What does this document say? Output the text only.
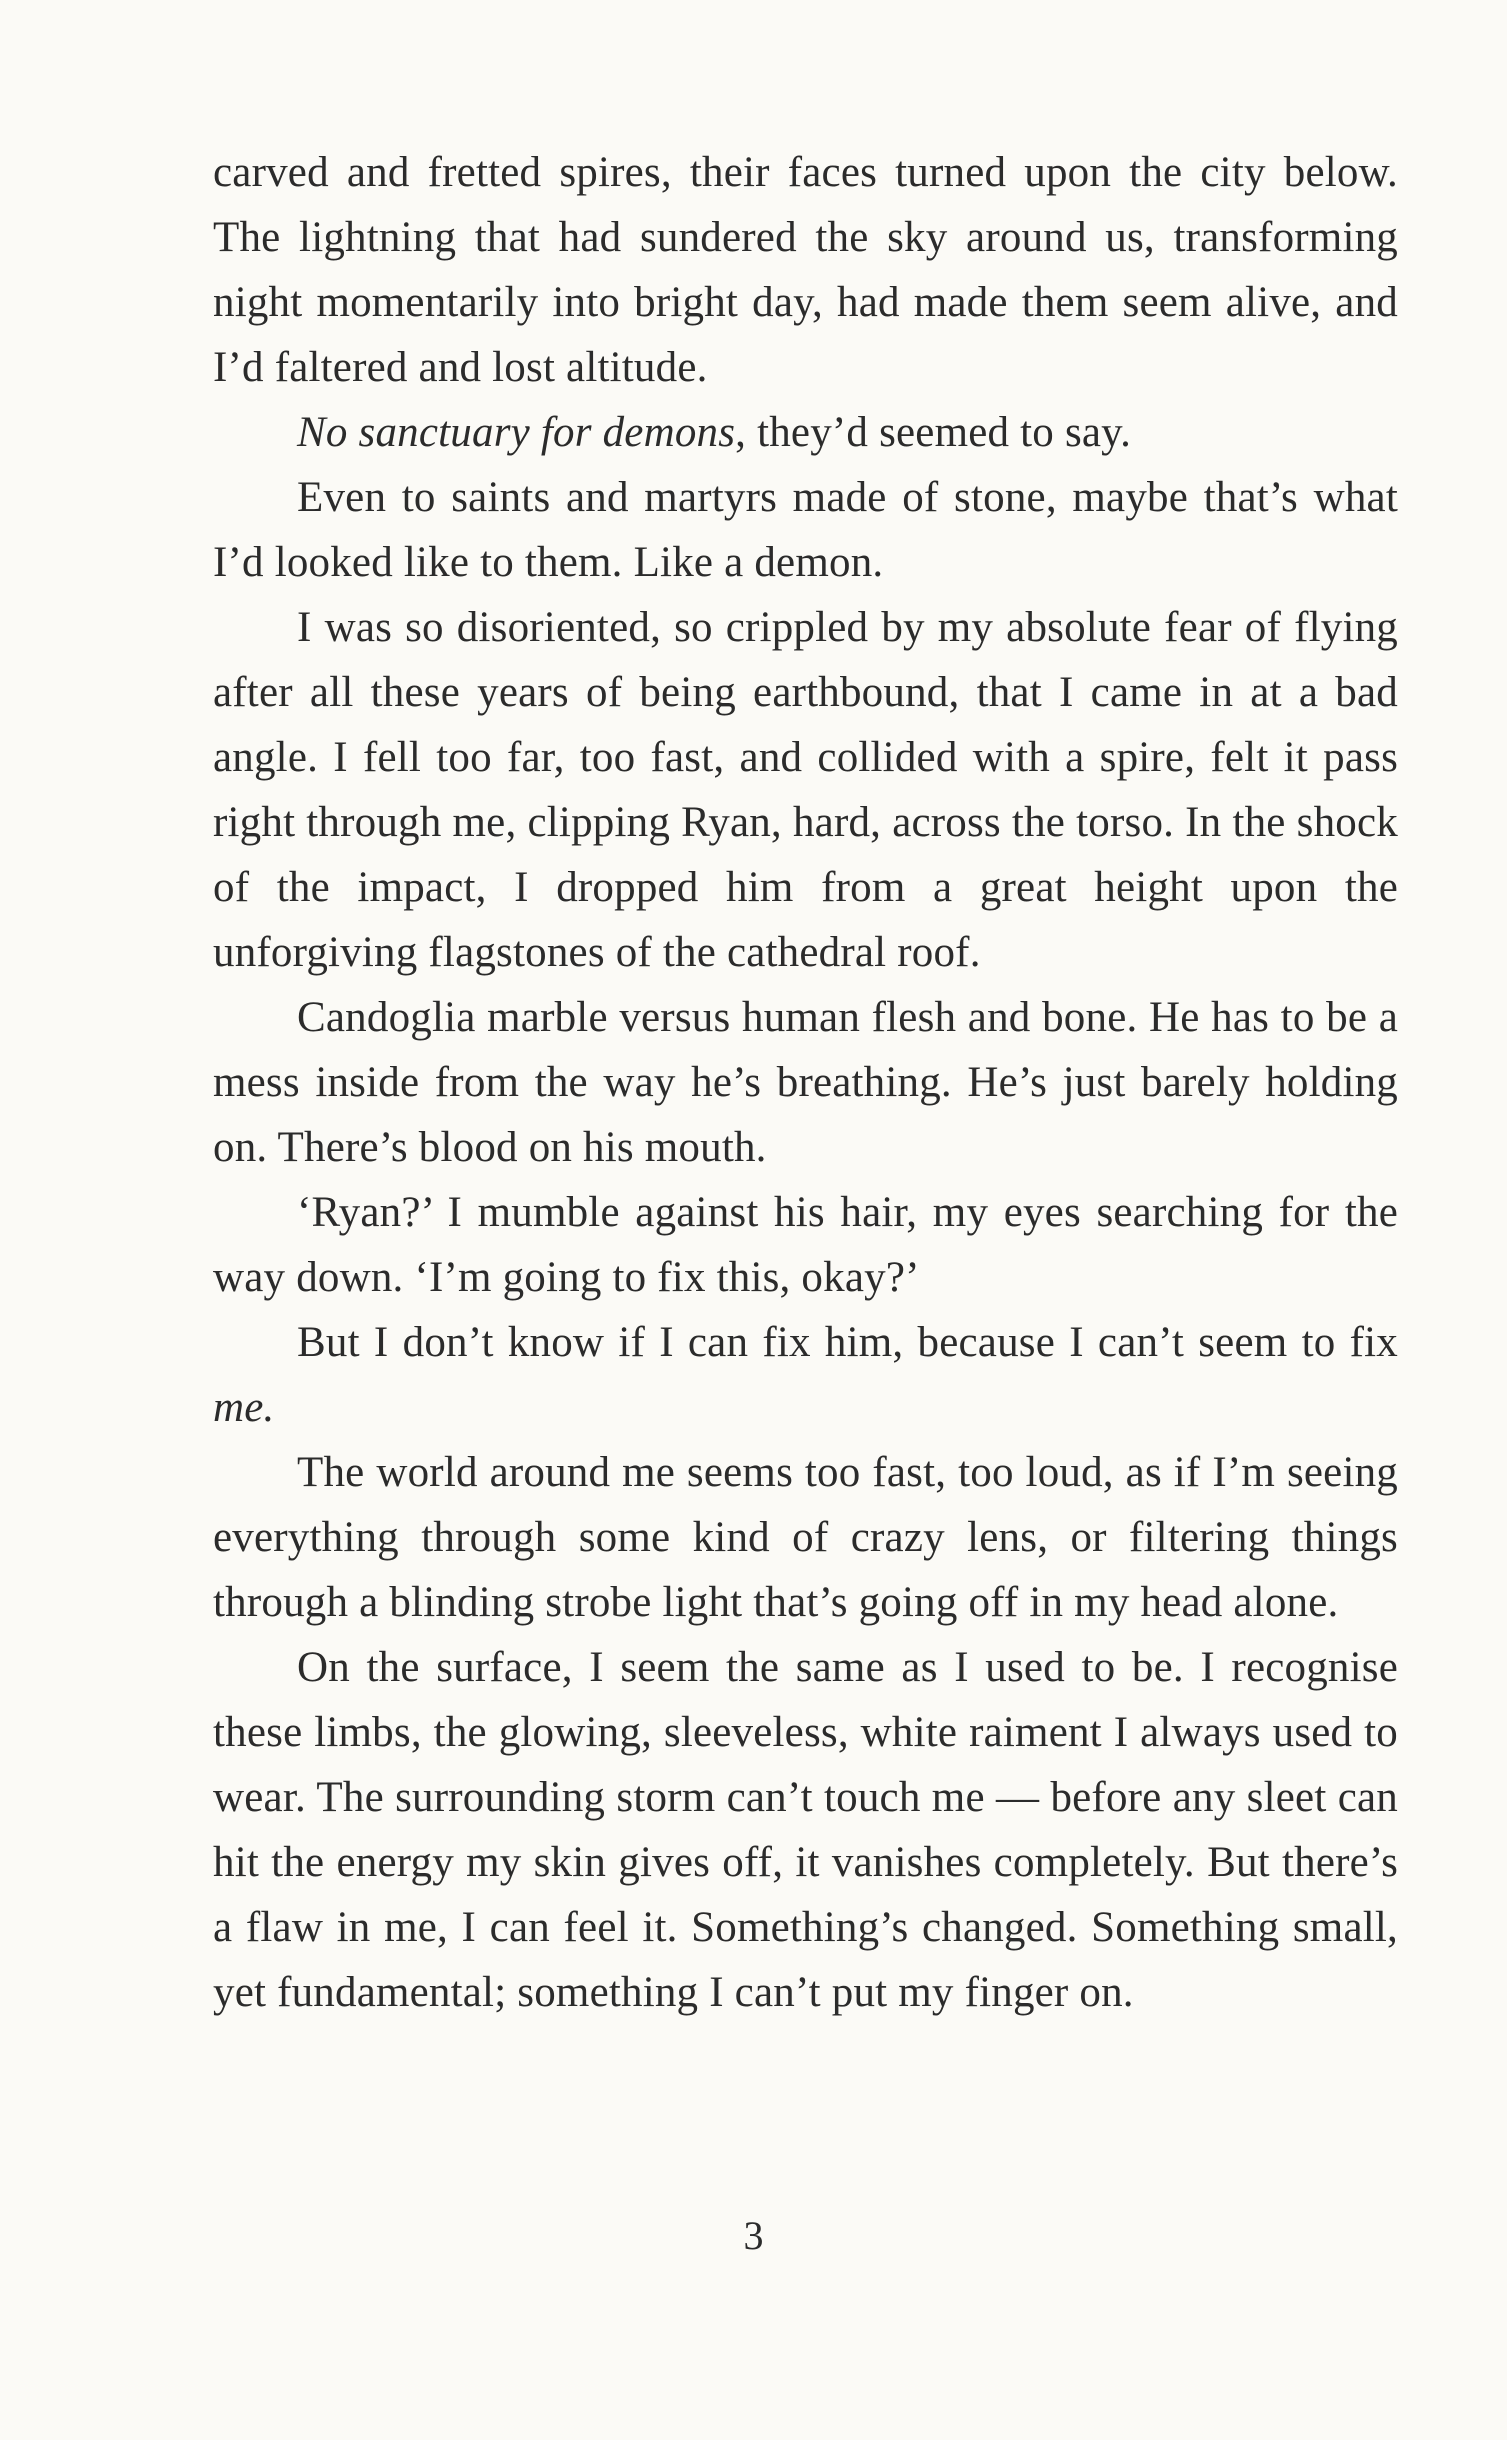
carved and fretted spires, their faces turned upon the city below. The lightning that had sundered the sky around us, transforming night momentarily into bright day, had made them seem alive, and I’d faltered and lost altitude.

No sanctuary for demons, they’d seemed to say.

Even to saints and martyrs made of stone, maybe that’s what I’d looked like to them. Like a demon.

I was so disoriented, so crippled by my absolute fear of flying after all these years of being earthbound, that I came in at a bad angle. I fell too far, too fast, and collided with a spire, felt it pass right through me, clipping Ryan, hard, across the torso. In the shock of the impact, I dropped him from a great height upon the unforgiving flagstones of the cathedral roof.

Candoglia marble versus human flesh and bone. He has to be a mess inside from the way he’s breathing. He’s just barely holding on. There’s blood on his mouth.

‘Ryan?’ I mumble against his hair, my eyes searching for the way down. ‘I’m going to fix this, okay?’

But I don’t know if I can fix him, because I can’t seem to fix me.

The world around me seems too fast, too loud, as if I’m seeing everything through some kind of crazy lens, or filtering things through a blinding strobe light that’s going off in my head alone.

On the surface, I seem the same as I used to be. I recognise these limbs, the glowing, sleeveless, white raiment I always used to wear. The surrounding storm can’t touch me — before any sleet can hit the energy my skin gives off, it vanishes completely. But there’s a flaw in me, I can feel it. Something’s changed. Something small, yet fundamental; something I can’t put my finger on.

3
